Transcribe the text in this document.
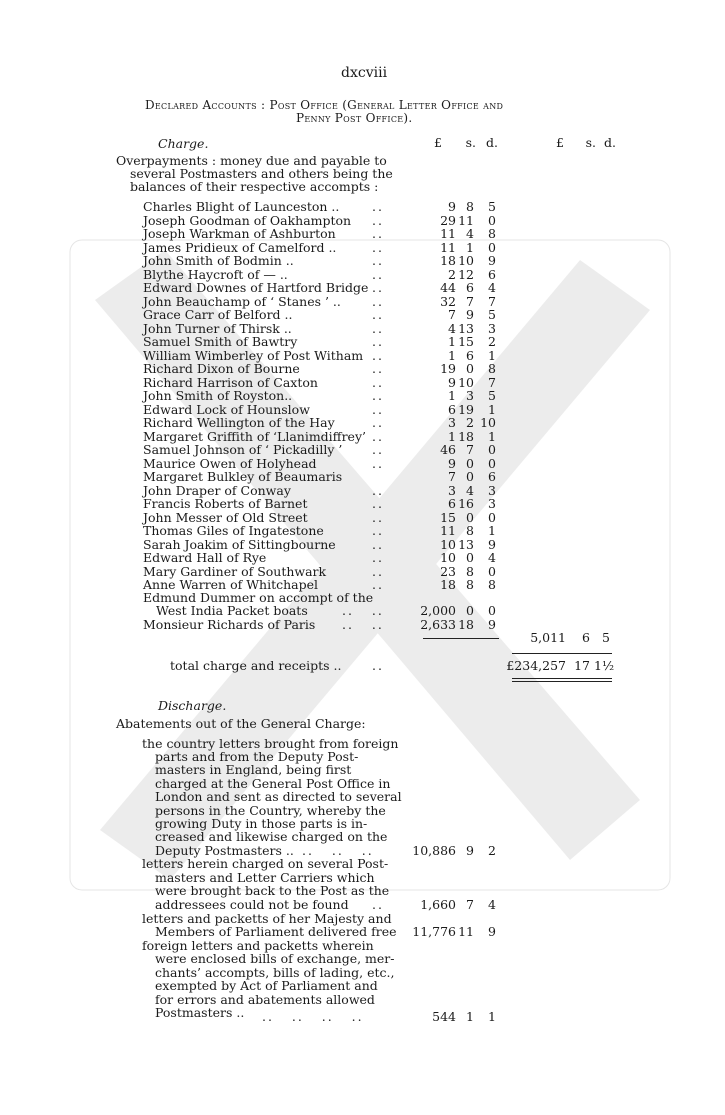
dxcviii
Declared Accounts : Post Office (General Letter Office and
Penny Post Office).
Charge.	£ s. d.	£ s. d.
Overpayments : money due and payable to
several Postmasters and others being the
balances of their respective accompts :
Charles Blight of Launceston ..	..	9 8	5
Joseph Goodman of Oakhampton ..	29 11	0
Joseph Warkman of Ashburton	..	11 4	8
James Pridieux of Camelford ..	..	11 1	0
John Smith of Bodmin ..	..	18 10	9
Blythe Haycroft of — ..	..	2 12	6
Edward Downes of Hartford Bridge ..	44 6	4
John Beauchamp of ‘ Stanes ’ .. ..	32 7	7
Grace Carr of Belford ..	..	7 9	5
John Turner of Thirsk ..	..	4 13	3
Samuel Smith of Bawtry	..	1 15	2
William Wimberley of Post Witham ..	1 6	1
Richard Dixon of Bourne	..	19 0	8
Richard Harrison of Caxton	..	9 10	7
John Smith of Royston..	..	1 3	5
Edward Lock of Hounslow	..	6 19	1
Richard Wellington of the Hay	..	3 2 10
Margaret Griffith of ‘Llanimdiffrey’ ..	1 18	1
Samuel Johnson of ‘ Pickadilly ’ ..	46 7	0
Maurice Owen of Holyhead	..	9 0	0
Margaret Bulkley of Beaumaris	7 0	6
John Draper of Conway	..	3 4	3
Francis Roberts of Barnet	..	6 16	3
John Messer of Old Street	..	15 0	0
Thomas Giles of Ingatestone	..	11 8	1
Sarah Joakim of Sittingbourne	..	10 13	9
Edward Hall of Rye	..	10 0	4
Mary Gardiner of Southwark	..	23 8	0
Anne Warren of Whitchapel	..	18 8	8
Edmund Dummer on accompt of the
West India Packet boats	..   ..	2,000 0	0
Monsieur Richards of Paris ..   ..	2,633 18	9
5,011	6 5
total charge and receipts .. ..	£234,257 17 1½
Discharge.
Abatements out of the General Charge:
the country letters brought from foreign
parts and from the Deputy Post-
masters in England, being first
charged at the General Post Office in
London and sent as directed to several
persons in the Country, whereby the
growing Duty in those parts is in-
creased and likewise charged on the
Deputy Postmasters .. ..   ..   ..	10,886 9	2
letters herein charged on several Post-
masters and Letter Carriers which
were brought back to the Post as the
addressees could not be found ..	1,660 7	4
letters and packetts of her Majesty and
Members of Parliament delivered free	11,776 11	9
foreign letters and packetts wherein
were enclosed bills of exchange, mer-
chants’ accompts, bills of lading, etc.,
exempted by Act of Parliament and
for errors and abatements allowed
Postmasters .. ..   ..   ..   ..	544 1	1
